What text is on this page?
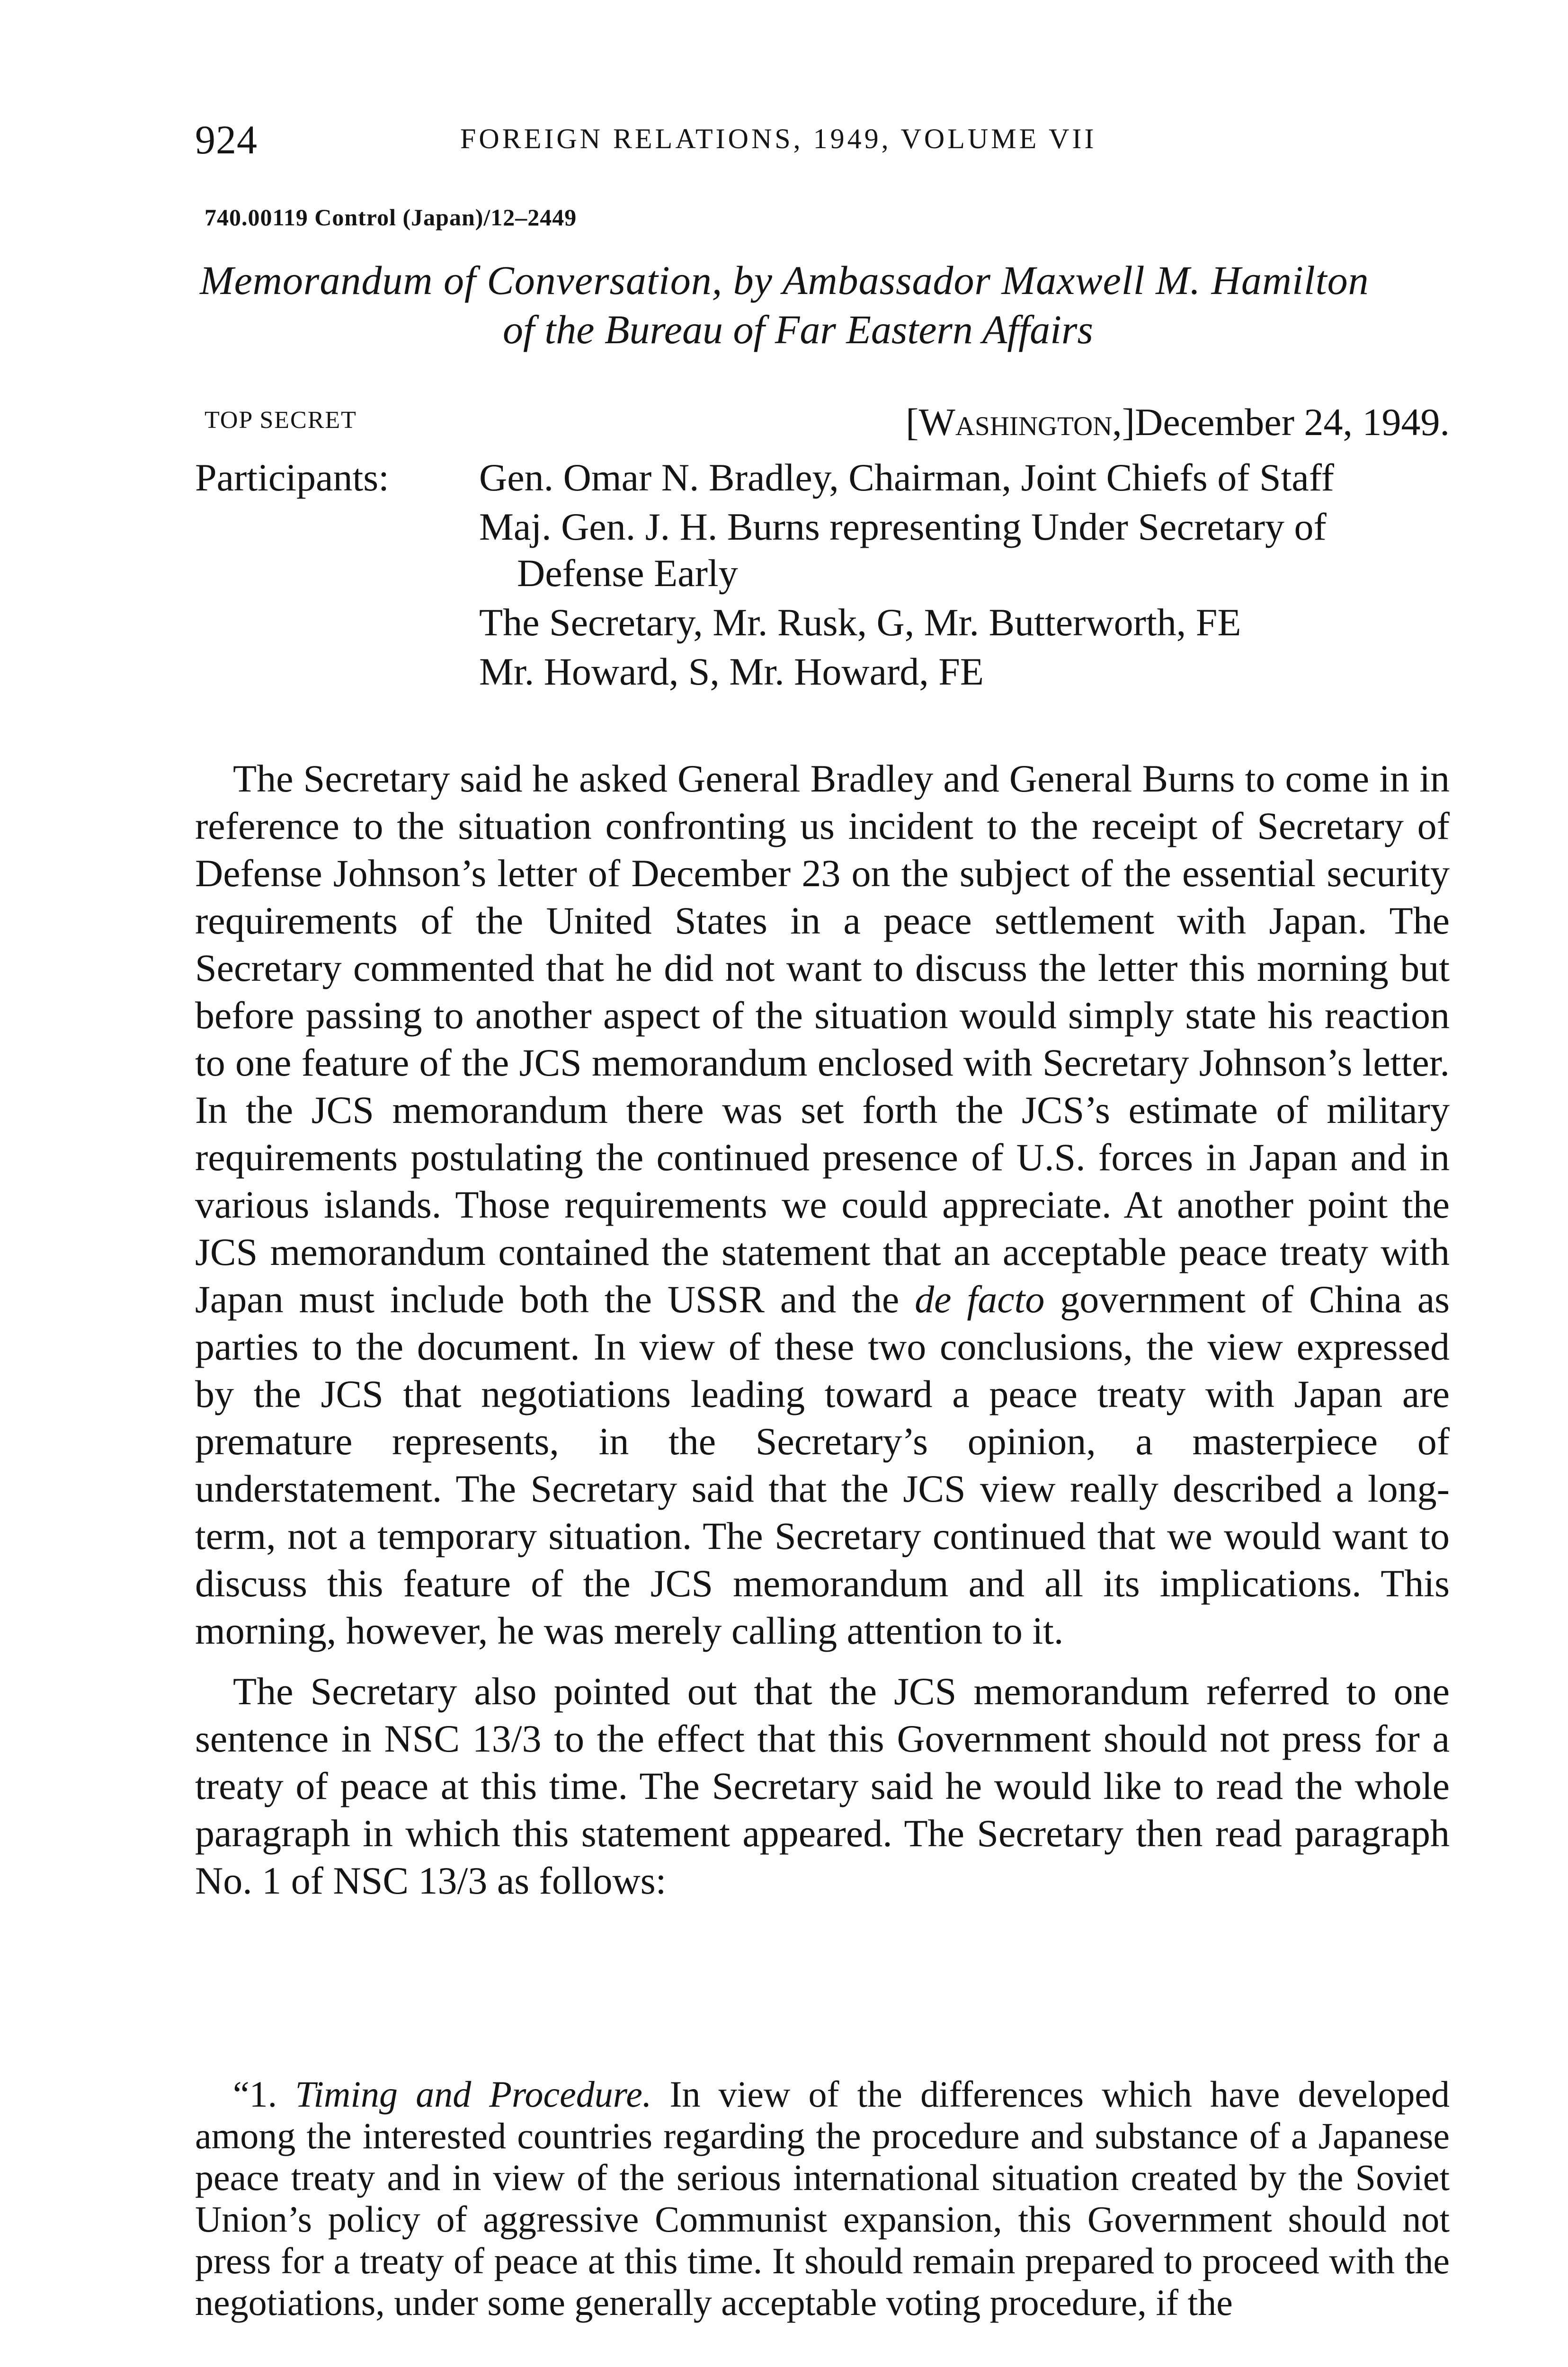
924	FOREIGN RELATIONS, 1949, VOLUME VII
740.00119 Control (Japan)/12–2449
Memorandum of Conversation, by Ambassador Maxwell M. Hamilton
of the Bureau of Far Eastern Affairs
TOP SECRET	[Washington,]December 24, 1949.
Participants: Gen. Omar N. Bradley, Chairman, Joint Chiefs of Staff
Maj. Gen. J. H. Burns representing Under Secretary of Defense Early
The Secretary, Mr. Rusk, G, Mr. Butterworth, FE
Mr. Howard, S, Mr. Howard, FE

The Secretary said he asked General Bradley and General Burns to come in in reference to the situation confronting us incident to the receipt of Secretary of Defense Johnson’s letter of December 23 on the subject of the essential security requirements of the United States in a peace settlement with Japan. The Secretary commented that he did not want to discuss the letter this morning but before passing to another aspect of the situation would simply state his reaction to one feature of the JCS memorandum enclosed with Secretary Johnson’s letter. In the JCS memorandum there was set forth the JCS’s estimate of military requirements postulating the continued presence of U.S. forces in Japan and in various islands. Those requirements we could appreciate. At another point the JCS memorandum contained the statement that an acceptable peace treaty with Japan must include both the USSR and the de facto government of China as parties to the document. In view of these two conclusions, the view expressed by the JCS that negotiations leading toward a peace treaty with Japan are premature represents, in the Secretary’s opinion, a masterpiece of understatement. The Secretary said that the JCS view really described a long-term, not a temporary situation. The Secretary continued that we would want to discuss this feature of the JCS memorandum and all its implications. This morning, however, he was merely calling attention to it.

The Secretary also pointed out that the JCS memorandum referred to one sentence in NSC 13/3 to the effect that this Government should not press for a treaty of peace at this time. The Secretary said he would like to read the whole paragraph in which this statement appeared. The Secretary then read paragraph No. 1 of NSC 13/3 as follows:

“1. Timing and Procedure. In view of the differences which have developed among the interested countries regarding the procedure and substance of a Japanese peace treaty and in view of the serious international situation created by the Soviet Union’s policy of aggressive Communist expansion, this Government should not press for a treaty of peace at this time. It should remain prepared to proceed with the negotiations, under some generally acceptable voting procedure, if the
